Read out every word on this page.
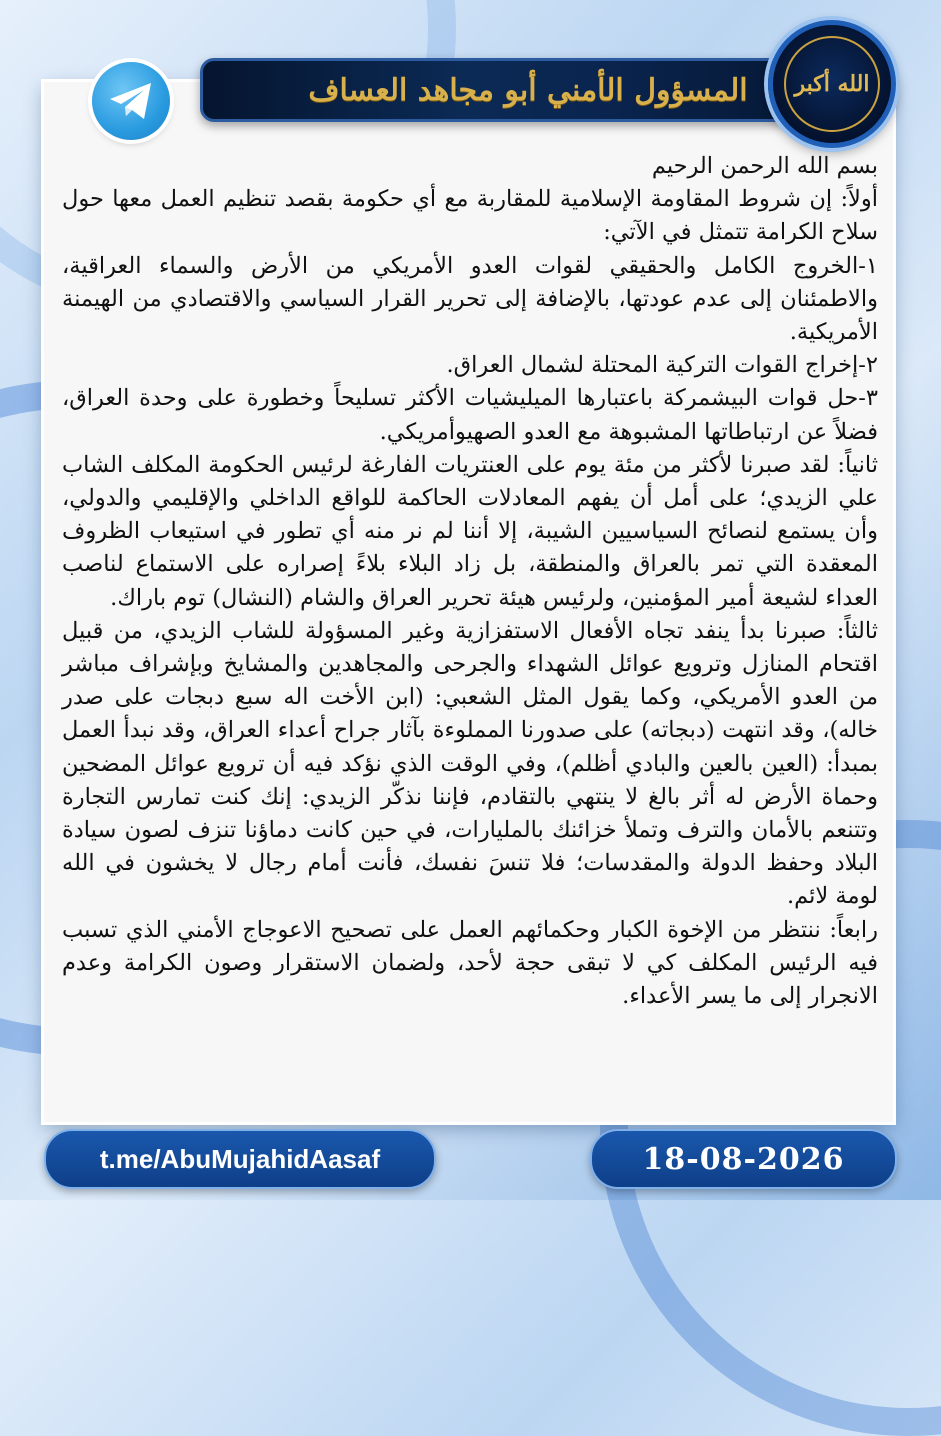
المسؤول الأمني أبو مجاهد العساف الله أكبر

بسم الله الرحمن الرحيم

أولاً: إن شروط المقاومة الإسلامية للمقاربة مع أي حكومة بقصد تنظيم العمل معها حول سلاح الكرامة تتمثل في الآتي:

١-الخروج الكامل والحقيقي لقوات العدو الأمريكي من الأرض والسماء العراقية، والاطمئنان إلى عدم عودتها، بالإضافة إلى تحرير القرار السياسي والاقتصادي من الهيمنة الأمريكية.

٢-إخراج القوات التركية المحتلة لشمال العراق.

٣-حل قوات البيشمركة باعتبارها الميليشيات الأكثر تسليحاً وخطورة على وحدة العراق، فضلاً عن ارتباطاتها المشبوهة مع العدو الصهيوأمريكي.

ثانياً: لقد صبرنا لأكثر من مئة يوم على العنتريات الفارغة لرئيس الحكومة المكلف الشاب علي الزيدي؛ على أمل أن يفهم المعادلات الحاكمة للواقع الداخلي والإقليمي والدولي، وأن يستمع لنصائح السياسيين الشيبة، إلا أننا لم نر منه أي تطور في استيعاب الظروف المعقدة التي تمر بالعراق والمنطقة، بل زاد البلاء بلاءً إصراره على الاستماع لناصب العداء لشيعة أمير المؤمنين، ولرئيس هيئة تحرير العراق والشام (النشال) توم باراك.

ثالثاً: صبرنا بدأ ينفد تجاه الأفعال الاستفزازية وغير المسؤولة للشاب الزيدي، من قبيل اقتحام المنازل وترويع عوائل الشهداء والجرحى والمجاهدين والمشايخ وبإشراف مباشر من العدو الأمريكي، وكما يقول المثل الشعبي: (ابن الأخت اله سبع دبجات على صدر خاله)، وقد انتهت (دبجاته) على صدورنا المملوءة بآثار جراح أعداء العراق، وقد نبدأ العمل بمبدأ: (العين بالعين والبادي أظلم)، وفي الوقت الذي نؤكد فيه أن ترويع عوائل المضحين وحماة الأرض له أثر بالغ لا ينتهي بالتقادم، فإننا نذكّر الزيدي: إنك كنت تمارس التجارة وتتنعم بالأمان والترف وتملأ خزائنك بالمليارات، في حين كانت دماؤنا تنزف لصون سيادة البلاد وحفظ الدولة والمقدسات؛ فلا تنسَ نفسك، فأنت أمام رجال لا يخشون في الله لومة لائم.

رابعاً: ننتظر من الإخوة الكبار وحكمائهم العمل على تصحيح الاعوجاج الأمني الذي تسبب فيه الرئيس المكلف كي لا تبقى حجة لأحد، ولضمان الاستقرار وصون الكرامة وعدم الانجرار إلى ما يسر الأعداء.

t.me/AbuMujahidAasaf	18-08-2026
